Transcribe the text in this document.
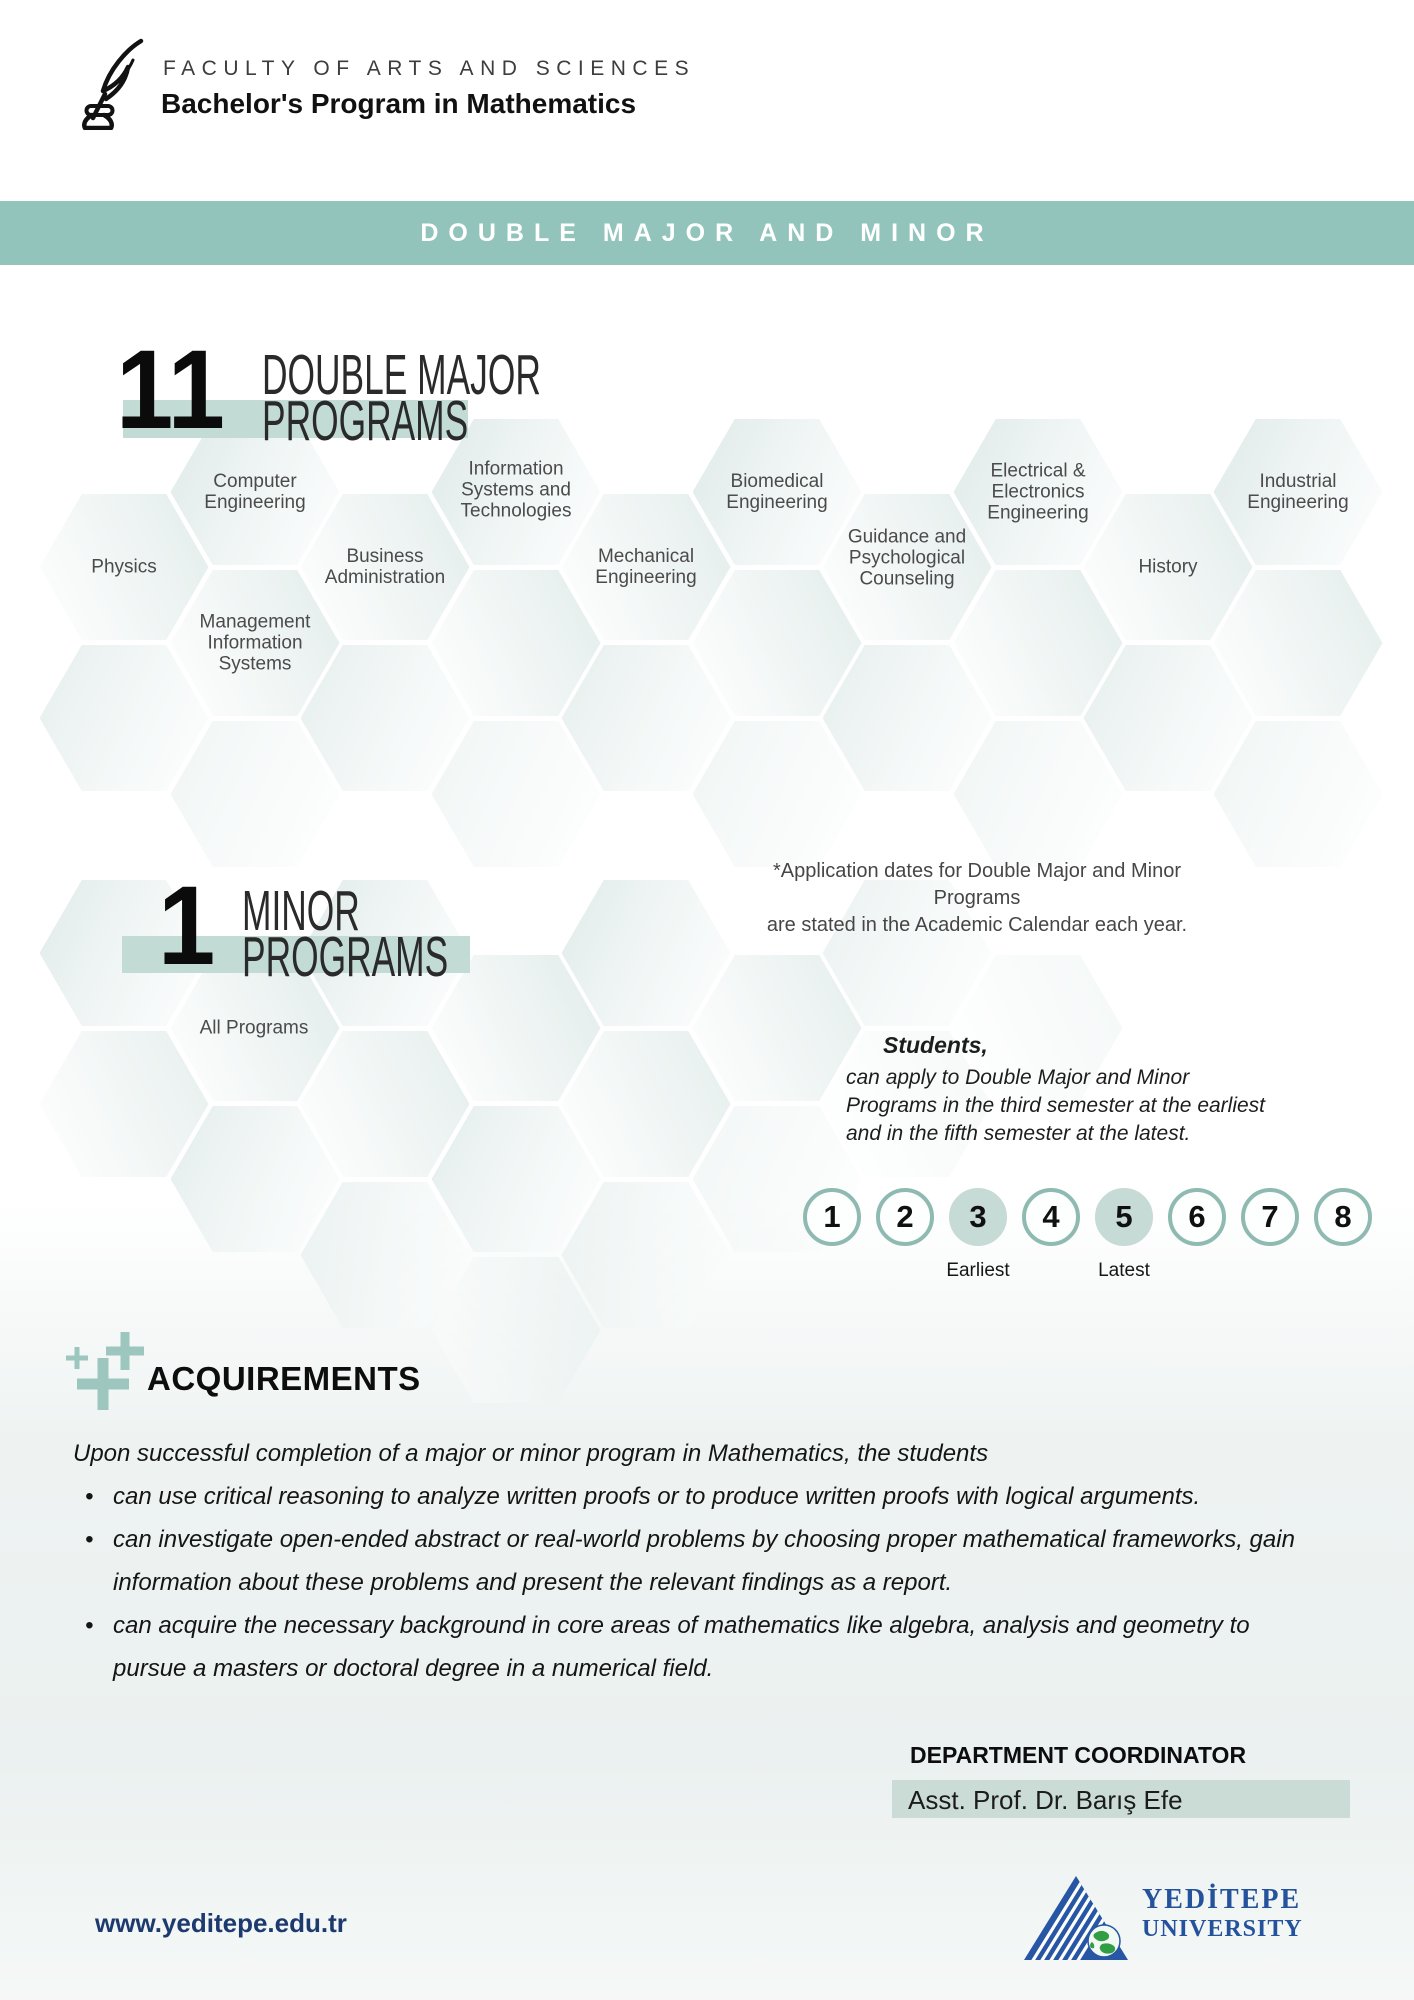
FACULTY OF ARTS AND SCIENCES
Bachelor's Program in Mathematics
DOUBLE MAJOR AND MINOR
11 DOUBLE MAJOR
PROGRAMS
Physics
Computer Engineering
Management Information Systems
Business Administration
Information Systems and Technologies
Mechanical Engineering
Biomedical Engineering
Guidance and Psychological Counseling
Electrical & Electronics Engineering
History
Industrial Engineering
1 MINOR
PROGRAMS
All Programs
*Application dates for Double Major and Minor Programs
are stated in the Academic Calendar each year.
Students,
can apply to Double Major and Minor
Programs in the third semester at the earliest
and in the fifth semester at the latest.
1	2	3	4	5	6	7	8
Earliest	Latest
ACQUIREMENTS
Upon successful completion of a major or minor program in Mathematics, the students
• can use critical reasoning to analyze written proofs or to produce written proofs with logical arguments.
• can investigate open-ended abstract or real-world problems by choosing proper mathematical frameworks, gain information about these problems and present the relevant findings as a report.
• can acquire the necessary background in core areas of mathematics like algebra, analysis and geometry to pursue a masters or doctoral degree in a numerical field.
DEPARTMENT COORDINATOR
Asst. Prof. Dr. Barış Efe
www.yeditepe.edu.tr
YEDİTEPE
UNIVERSITY
